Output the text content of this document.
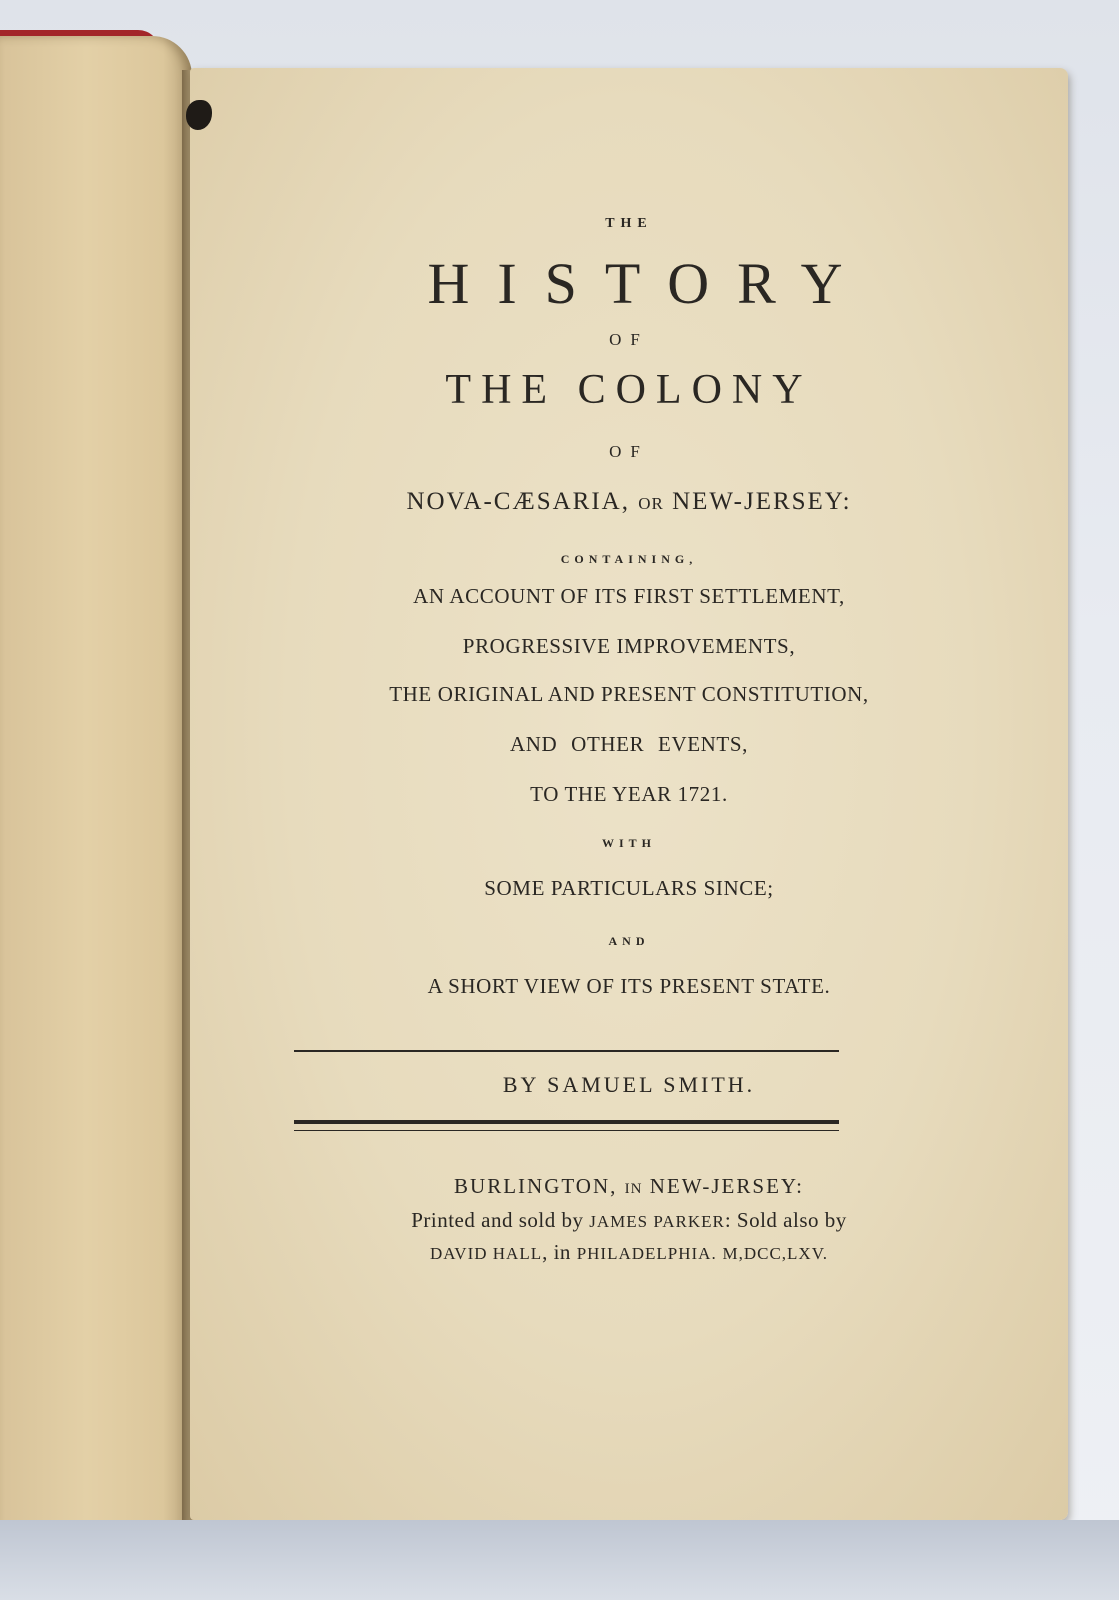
THE
HISTORY
OF
THE COLONY
OF
NOVA-CÆSARIA, OR NEW-JERSEY:
CONTAINING,
AN ACCOUNT OF ITS FIRST SETTLEMENT,
PROGRESSIVE IMPROVEMENTS,
THE ORIGINAL AND PRESENT CONSTITUTION,
AND OTHER EVENTS,
TO THE YEAR 1721.
WITH
SOME PARTICULARS SINCE;
AND
A SHORT VIEW OF ITS PRESENT STATE.
BY SAMUEL SMITH.
BURLINGTON, IN NEW-JERSEY:
Printed and sold by JAMES PARKER: Sold also by
DAVID HALL, in PHILADELPHIA. M,DCC,LXV.
